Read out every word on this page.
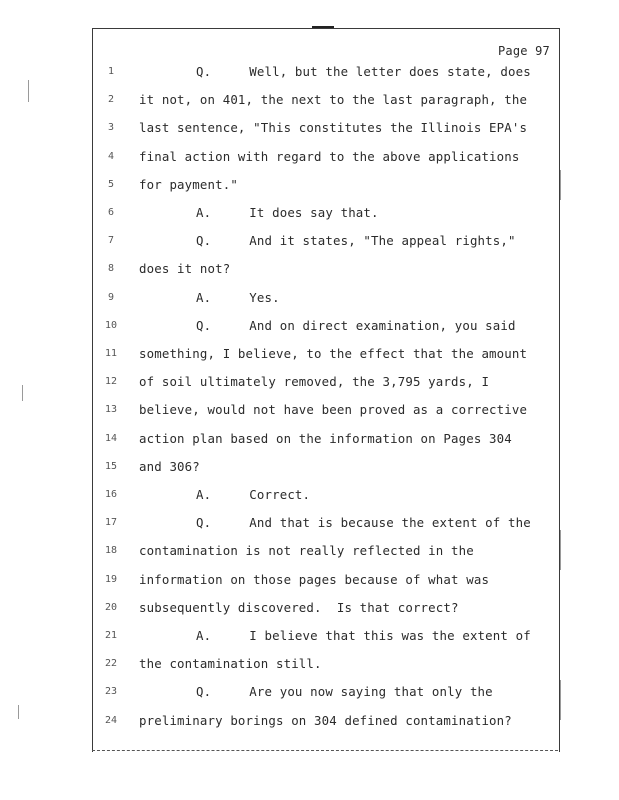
Page 97
1	Q.     Well, but the letter does state, does
2	it not, on 401, the next to the last paragraph, the
3	last sentence, "This constitutes the Illinois EPA's
4	final action with regard to the above applications
5	for payment."
6	A.     It does say that.
7	Q.     And it states, "The appeal rights,"
8	does it not?
9	A.     Yes.
10	Q.     And on direct examination, you said
11	something, I believe, to the effect that the amount
12	of soil ultimately removed, the 3,795 yards, I
13	believe, would not have been proved as a corrective
14	action plan based on the information on Pages 304
15	and 306?
16	A.     Correct.
17	Q.     And that is because the extent of the
18	contamination is not really reflected in the
19	information on those pages because of what was
20	subsequently discovered.  Is that correct?
21	A.     I believe that this was the extent of
22	the contamination still.
23	Q.     Are you now saying that only the
24	preliminary borings on 304 defined contamination?
